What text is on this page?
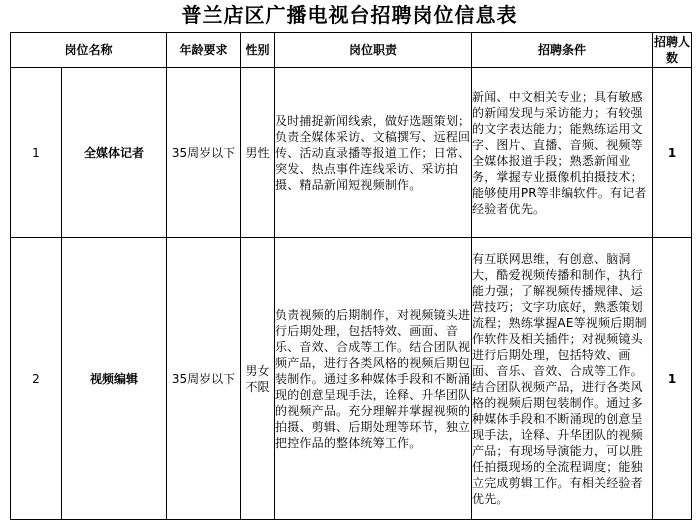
普兰店区广播电视台招聘岗位信息表
岗位名称		年龄要求	性别	岗位职责	招聘条件	招聘人数
1	全媒体记者	35周岁以下	男性	及时捕捉新闻线索，做好选题策划；负责全媒体采访、文稿撰写、远程回传、活动直录播等报道工作；日常、突发、热点事件连线采访、采访拍摄、精品新闻短视频制作。	新闻、中文相关专业；具有敏感的新闻发现与采访能力；有较强的文字表达能力；能熟练运用文字、图片、直播、音频、视频等全媒体报道手段；熟悉新闻业务，掌握专业摄像机拍摄技术；能够使用PR等非编软件。有记者经验者优先。	1
2	视频编辑	35周岁以下	男女不限	负责视频的后期制作，对视频镜头进行后期处理，包括特效、画面、音乐、音效、合成等工作。结合团队视频产品，进行各类风格的视频后期包装制作。通过多种媒体手段和不断涌现的创意呈现手法，诠释、升华团队的视频产品。充分理解并掌握视频的拍摄、剪辑、后期处理等环节，独立把控作品的整体统筹工作。	有互联网思维，有创意、脑洞大，酷爱视频传播和制作，执行能力强；了解视频传播规律、运营技巧；文字功底好，熟悉策划流程；熟练掌握AE等视频后期制作软件及相关插件；对视频镜头进行后期处理，包括特效、画面、音乐、音效、合成等工作。结合团队视频产品，进行各类风格的视频后期包装制作。通过多种媒体手段和不断涌现的创意呈现手法，诠释、升华团队的视频产品；有现场导演能力，可以胜任拍摄现场的全流程调度；能独立完成剪辑工作。有相关经验者优先。	1
